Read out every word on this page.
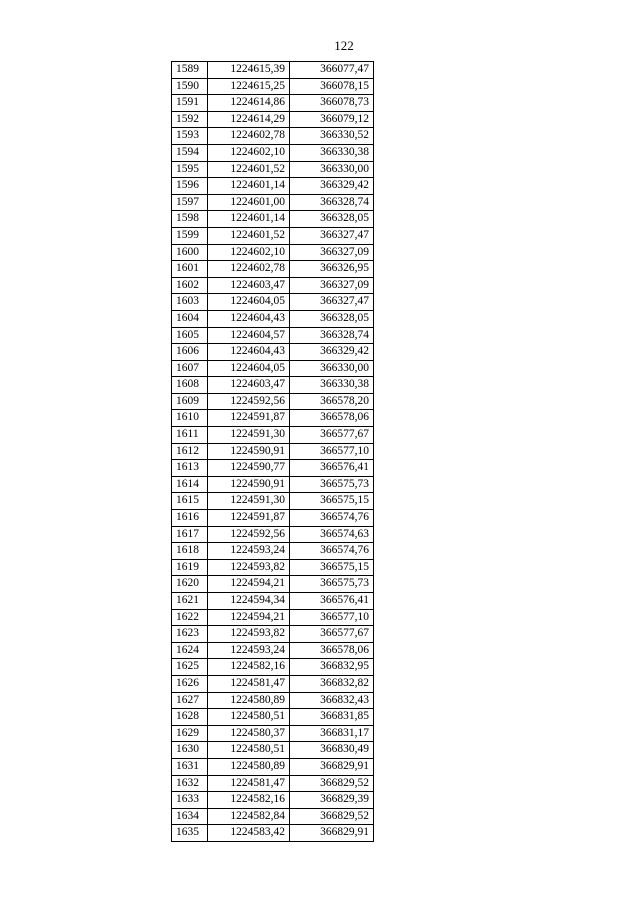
122
1589	1224615,39	366077,47
1590	1224615,25	366078,15
1591	1224614,86	366078,73
1592	1224614,29	366079,12
1593	1224602,78	366330,52
1594	1224602,10	366330,38
1595	1224601,52	366330,00
1596	1224601,14	366329,42
1597	1224601,00	366328,74
1598	1224601,14	366328,05
1599	1224601,52	366327,47
1600	1224602,10	366327,09
1601	1224602,78	366326,95
1602	1224603,47	366327,09
1603	1224604,05	366327,47
1604	1224604,43	366328,05
1605	1224604,57	366328,74
1606	1224604,43	366329,42
1607	1224604,05	366330,00
1608	1224603,47	366330,38
1609	1224592,56	366578,20
1610	1224591,87	366578,06
1611	1224591,30	366577,67
1612	1224590,91	366577,10
1613	1224590,77	366576,41
1614	1224590,91	366575,73
1615	1224591,30	366575,15
1616	1224591,87	366574,76
1617	1224592,56	366574,63
1618	1224593,24	366574,76
1619	1224593,82	366575,15
1620	1224594,21	366575,73
1621	1224594,34	366576,41
1622	1224594,21	366577,10
1623	1224593,82	366577,67
1624	1224593,24	366578,06
1625	1224582,16	366832,95
1626	1224581,47	366832,82
1627	1224580,89	366832,43
1628	1224580,51	366831,85
1629	1224580,37	366831,17
1630	1224580,51	366830,49
1631	1224580,89	366829,91
1632	1224581,47	366829,52
1633	1224582,16	366829,39
1634	1224582,84	366829,52
1635	1224583,42	366829,91
